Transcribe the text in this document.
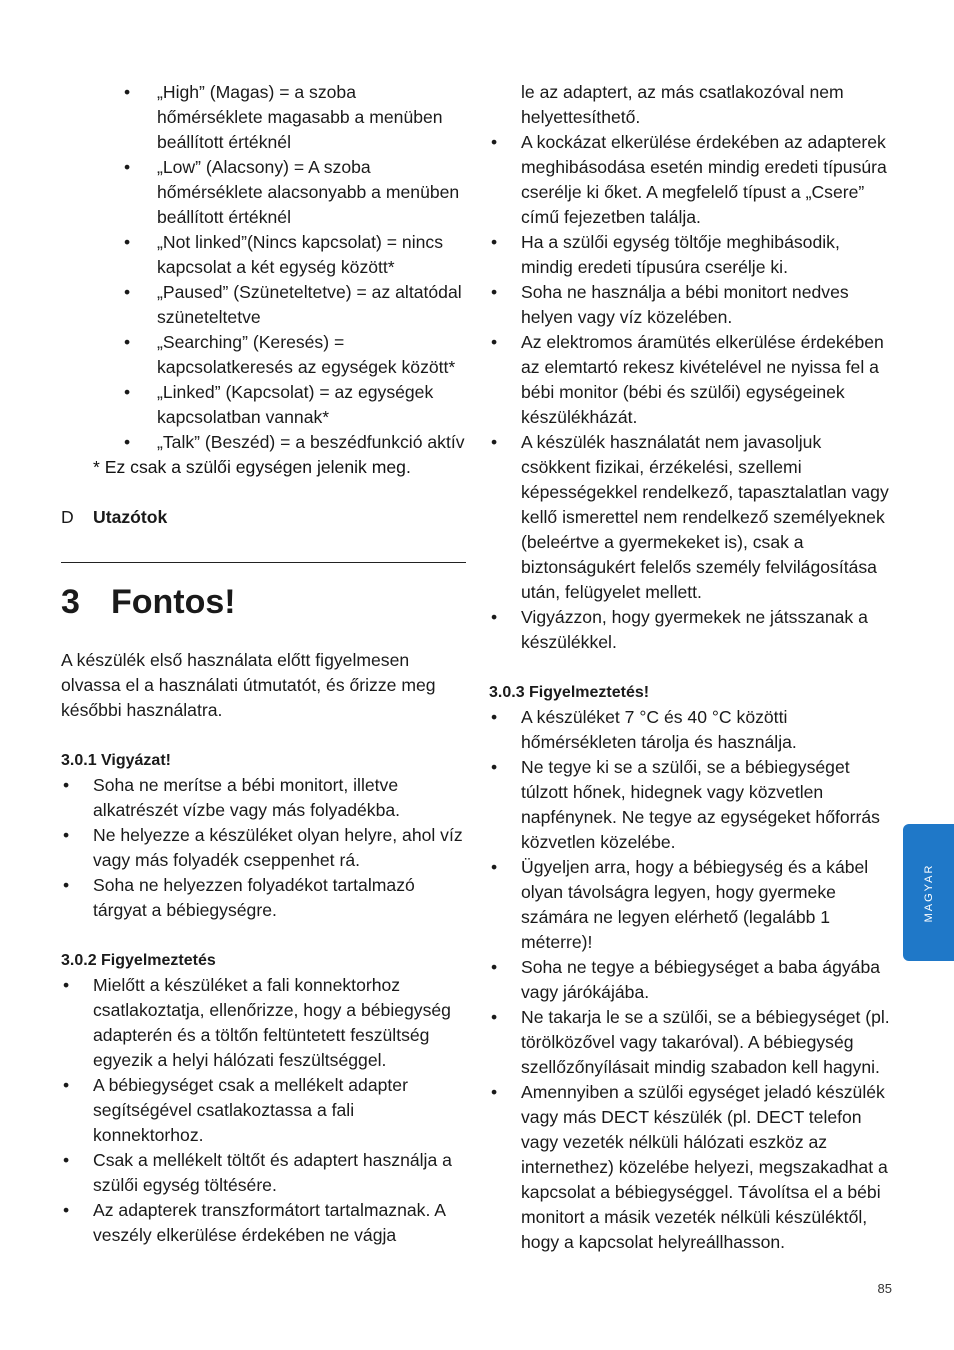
• „High” (Magas) = a szoba hőmérséklete magasabb a menüben beállított értéknél
• „Low” (Alacsony) = A szoba hőmérséklete alacsonyabb a menüben beállított értéknél
• „Not linked”(Nincs kapcsolat) = nincs kapcsolat a két egység között*
• „Paused” (Szüneteltetve) = az altatódal szüneteltetve
• „Searching” (Keresés) = kapcsolatkeresés az egységek között*
• „Linked” (Kapcsolat) = az egységek kapcsolatban vannak*
• „Talk” (Beszéd) = a beszédfunkció aktív

* Ez csak a szülői egységen jelenik meg.

D Utazótok

3 Fontos!

A készülék első használata előtt figyelmesen olvassa el a használati útmutatót, és őrizze meg későbbi használatra.

3.0.1 Vigyázat!
• Soha ne merítse a bébi monitort, illetve alkatrészét vízbe vagy más folyadékba.
• Ne helyezze a készüléket olyan helyre, ahol víz vagy más folyadék cseppenhet rá.
• Soha ne helyezzen folyadékot tartalmazó tárgyat a bébiegységre.
3.0.2 Figyelmeztetés
• Mielőtt a készüléket a fali konnektorhoz csatlakoztatja, ellenőrizze, hogy a bébiegység adapterén és a töltőn feltüntetett feszültség egyezik a helyi hálózati feszültséggel.
• A bébiegységet csak a mellékelt adapter segítségével csatlakoztassa a fali konnektorhoz.
• Csak a mellékelt töltőt és adaptert használja a szülői egység töltésére.
• Az adapterek transzformátort tartalmaznak. A veszély elkerülése érdekében ne vágja
le az adaptert, az más csatlakozóval nem helyettesíthető.
• A kockázat elkerülése érdekében az adapterek meghibásodása esetén mindig eredeti típusúra cserélje ki őket. A megfelelő típust a „Csere” című fejezetben találja.
• Ha a szülői egység töltője meghibásodik, mindig eredeti típusúra cserélje ki.
• Soha ne használja a bébi monitort nedves helyen vagy víz közelében.
• Az elektromos áramütés elkerülése érdekében az elemtartó rekesz kivételével ne nyissa fel a bébi monitor (bébi és szülői) egységeinek készülékházát.
• A készülék használatát nem javasoljuk csökkent fizikai, érzékelési, szellemi képességekkel rendelkező, tapasztalatlan vagy kellő ismerettel nem rendelkező személyeknek (beleértve a gyermekeket is), csak a biztonságukért felelős személy felvilágosítása után, felügyelet mellett.
• Vigyázzon, hogy gyermekek ne játsszanak a készülékkel.
3.0.3 Figyelmeztetés!
• A készüléket 7 °C és 40 °C közötti hőmérsékleten tárolja és használja.
• Ne tegye ki se a szülői, se a bébiegységet túlzott hőnek, hidegnek vagy közvetlen napfénynek. Ne tegye az egységeket hőforrás közvetlen közelébe.
• Ügyeljen arra, hogy a bébiegység és a kábel olyan távolságra legyen, hogy gyermeke számára ne legyen elérhető (legalább 1 méterre)!
• Soha ne tegye a bébiegységet a baba ágyába vagy járókájába.
• Ne takarja le se a szülői, se a bébiegységet (pl. törölközővel vagy takaróval). A bébiegység szellőzőnyílásait mindig szabadon kell hagyni.
• Amennyiben a szülői egységet jeladó készülék vagy más DECT készülék (pl. DECT telefon vagy vezeték nélküli hálózati eszköz az internethez) közelébe helyezi, megszakadhat a kapcsolat a bébiegységgel. Távolítsa el a bébi monitort a másik vezeték nélküli készüléktől, hogy a kapcsolat helyreállhasson.
MAGYAR
85
